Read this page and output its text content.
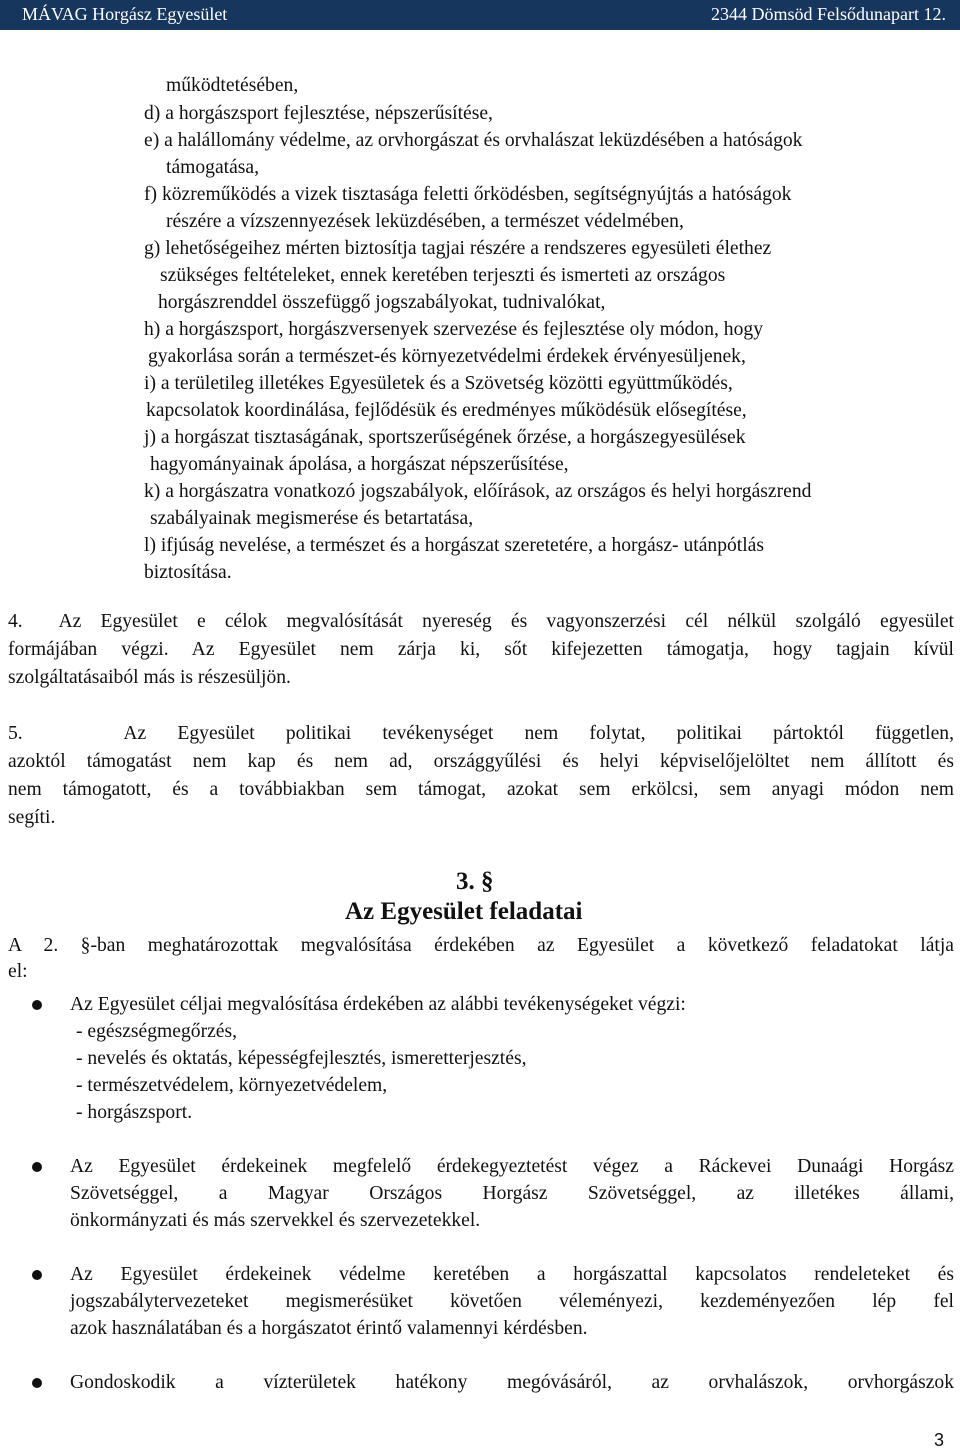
MÁVAG Horgász Egyesület	2344 Dömsöd Felsődunapart 12.
működtetésében,
d) a horgászsport fejlesztése, népszerűsítése,
e) a halállomány védelme, az orvhorgászat és orvhalászat leküzdésében a hatóságok
támogatása,
f) közreműködés a vizek tisztasága feletti őrködésben, segítségnyújtás a hatóságok
részére a vízszennyezések leküzdésében, a természet védelmében,
g) lehetőségeihez mérten biztosítja tagjai részére a rendszeres egyesületi élethez
szükséges feltételeket, ennek keretében terjeszti és ismerteti az országos
horgászrenddel összefüggő jogszabályokat, tudnivalókat,
h) a horgászsport, horgászversenyek szervezése és fejlesztése oly módon, hogy
gyakorlása során a természet-és környezetvédelmi érdekek érvényesüljenek,
i) a területileg illetékes Egyesületek és a Szövetség közötti együttműködés,
kapcsolatok koordinálása, fejlődésük és eredményes működésük elősegítése,
j) a horgászat tisztaságának, sportszerűségének őrzése, a horgászegyesülések
hagyományainak ápolása, a horgászat népszerűsítése,
k) a horgászatra vonatkozó jogszabályok, előírások, az országos és helyi horgászrend
szabályainak megismerése és betartatása,
l) ifjúság nevelése, a természet és a horgászat szeretetére, a horgász- utánpótlás
biztosítása.
4. Az Egyesület e célok megvalósítását nyereség és vagyonszerzési cél nélkül szolgáló egyesület
formájában végzi. Az Egyesület nem zárja ki, sőt kifejezetten támogatja, hogy tagjain kívül
szolgáltatásaiból más is részesüljön.
5.	Az Egyesület politikai tevékenységet nem folytat, politikai pártoktól független,
azoktól támogatást nem kap és nem ad, országgyűlési és helyi képviselőjelöltet nem állított és
nem támogatott, és a továbbiakban sem támogat, azokat sem erkölcsi, sem anyagi módon nem
segíti.
3. §
Az Egyesület feladatai
A 2. §-ban meghatározottak megvalósítása érdekében az Egyesület a következő feladatokat látja
el:
Az Egyesület céljai megvalósítása érdekében az alábbi tevékenységeket végzi:
- egészségmegőrzés,
- nevelés és oktatás, képességfejlesztés, ismeretterjesztés,
- természetvédelem, környezetvédelem,
- horgászsport.
Az Egyesület érdekeinek megfelelő érdekegyeztetést végez a Ráckevei Dunaági Horgász
Szövetséggel, a Magyar Országos Horgász Szövetséggel, az illetékes állami,
önkormányzati és más szervekkel és szervezetekkel.
Az Egyesület érdekeinek védelme keretében a horgászattal kapcsolatos rendeleteket és
jogszabálytervezeteket megismerésüket követően véleményezi, kezdeményezően lép fel
azok használatában és a horgászatot érintő valamennyi kérdésben.
Gondoskodik a vízterületek hatékony megóvásáról, az orvhalászok, orvhorgászok
3
